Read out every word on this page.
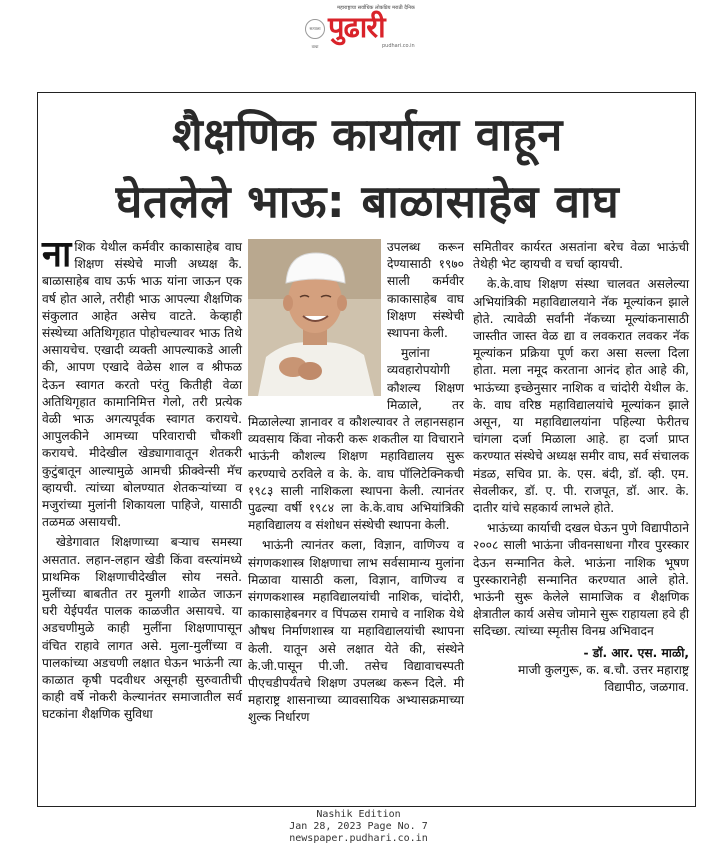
महाराष्ट्राचा सर्वाधिक लोकप्रिय मराठी दैनिक
सत्याला वाचा
पुढारी
pudhari.co.in
शैक्षणिक कार्याला वाहून
घेतलेले भाऊ: बाळासाहेब वाघ

नाशिक येथील कर्मवीर काकासाहेब वाघ शिक्षण संस्थेचे माजी अध्यक्ष कै. बाळासाहेब वाघ ऊर्फ भाऊ यांना जाऊन एक वर्ष होत आले, तरीही भाऊ आपल्या शैक्षणिक संकुलात आहेत असेच वाटते. केव्हाही संस्थेच्या अतिथिगृहात पोहोचल्यावर भाऊ तिथे असायचेच. एखादी व्यक्ती आपल्याकडे आली की, आपण एखादे वेळेस शाल व श्रीफळ देऊन स्वागत करतो परंतु कितीही वेळा अतिथिगृहात कामानिमित्त गेलो, तरी प्रत्येक वेळी भाऊ अगत्यपूर्वक स्वागत करायचे. आपुलकीने आमच्या परिवाराची चौकशी करायचे. मीदेखील खेड्यागावातून शेतकरी कुटुंबातून आल्यामुळे आमची फ्रीक्वेन्सी मॅच व्हायची. त्यांच्या बोलण्यात शेतकऱ्यांच्या व मजुरांच्या मुलांनी शिकायला पाहिजे, यासाठी तळमळ असायची.

खेडेगावात शिक्षणाच्या बऱ्याच समस्या असतात. लहान-लहान खेडी किंवा वस्त्यांमध्ये प्राथमिक शिक्षणाचीदेखील सोय नसते. मुलींच्या बाबतीत तर मुलगी शाळेत जाऊन घरी येईपर्यंत पालक काळजीत असायचे. या अडचणीमुळे काही मुलींना शिक्षणापासून वंचित राहावे लागत असे. मुला-मुलींच्या व पालकांच्या अडचणी लक्षात घेऊन भाऊंनी त्या काळात कृषी पदवीधर असूनही सुरुवातीची काही वर्षे नोकरी केल्यानंतर समाजातील सर्व घटकांना शैक्षणिक सुविधा

उपलब्ध करून देण्यासाठी १९७० साली कर्मवीर काकासाहेब वाघ शिक्षण संस्थेची स्थापना केली.

मुलांना व्यवहारोपयोगी कौशल्य शिक्षण मिळाले, तर मिळालेल्या ज्ञानावर व कौशल्यावर ते लहानसहान व्यवसाय किंवा नोकरी करू शकतील या विचाराने भाऊंनी कौशल्य शिक्षण महाविद्यालय सुरू करण्याचे ठरविले व के. के. वाघ पॉलिटेक्निकची १९८३ साली नाशिकला स्थापना केली. त्यानंतर पुढल्या वर्षी १९८४ ला के.के.वाघ अभियांत्रिकी महाविद्यालय व संशोधन संस्थेची स्थापना केली.

भाऊंनी त्यानंतर कला, विज्ञान, वाणिज्य व संगणकशास्त्र शिक्षणाचा लाभ सर्वसामान्य मुलांना मिळावा यासाठी कला, विज्ञान, वाणिज्य व संगणकशास्त्र महाविद्यालयांची नाशिक, चांदोरी, काकासाहेबनगर व पिंपळस रामाचे व नाशिक येथे औषध निर्माणशास्त्र या महाविद्यालयांची स्थापना केली. यातून असे लक्षात येते की, संस्थेने के.जी.पासून पी.जी. तसेच विद्यावाचस्पती पीएचडीपर्यंतचे शिक्षण उपलब्ध करून दिले. मी महाराष्ट्र शासनाच्या व्यावसायिक अभ्यासक्रमाच्या शुल्क निर्धारण

समितीवर कार्यरत असतांना बरेच वेळा भाऊंची तेथेही भेट व्हायची व चर्चा व्हायची.

के.के.वाघ शिक्षण संस्था चालवत असलेल्या अभियांत्रिकी महाविद्यालयाने नॅक मूल्यांकन झाले होते. त्यावेळी सर्वांनी नॅकच्या मूल्यांकनासाठी जास्तीत जास्त वेळ द्या व लवकरात लवकर नॅक मूल्यांकन प्रक्रिया पूर्ण करा असा सल्ला दिला होता. मला नमूद करताना आनंद होत आहे की, भाऊंच्या इच्छेनुसार नाशिक व चांदोरी येथील के. के. वाघ वरिष्ठ महाविद्यालयांचे मूल्यांकन झाले असून, या महाविद्यालयांना पहिल्या फेरीतच चांगला दर्जा मिळाला आहे. हा दर्जा प्राप्त करण्यात संस्थेचे अध्यक्ष समीर वाघ, सर्व संचालक मंडळ, सचिव प्रा. के. एस. बंदी, डॉ. व्ही. एम. सेवलीकर, डॉ. ए. पी. राजपूत, डॉ. आर. के. दातीर यांचे सहकार्य लाभले होते.

भाऊंच्या कार्याची दखल घेऊन पुणे विद्यापीठाने २००८ साली भाऊंना जीवनसाधना गौरव पुरस्कार देऊन सन्मानित केले. भाऊंना नाशिक भूषण पुरस्कारानेही सन्मानित करण्यात आले होते. भाऊंनी सुरू केलेले सामाजिक व शैक्षणिक क्षेत्रातील कार्य असेच जोमाने सुरू राहायला हवे ही सदिच्छा. त्यांच्या स्मृतीस विनम्र अभिवादन

- डॉ. आर. एस. माळी,
माजी कुलगुरू, क. ब.चौ. उत्तर महाराष्ट्र
विद्यापीठ, जळगाव.
Nashik Edition
Jan 28, 2023 Page No. 7
newspaper.pudhari.co.in
